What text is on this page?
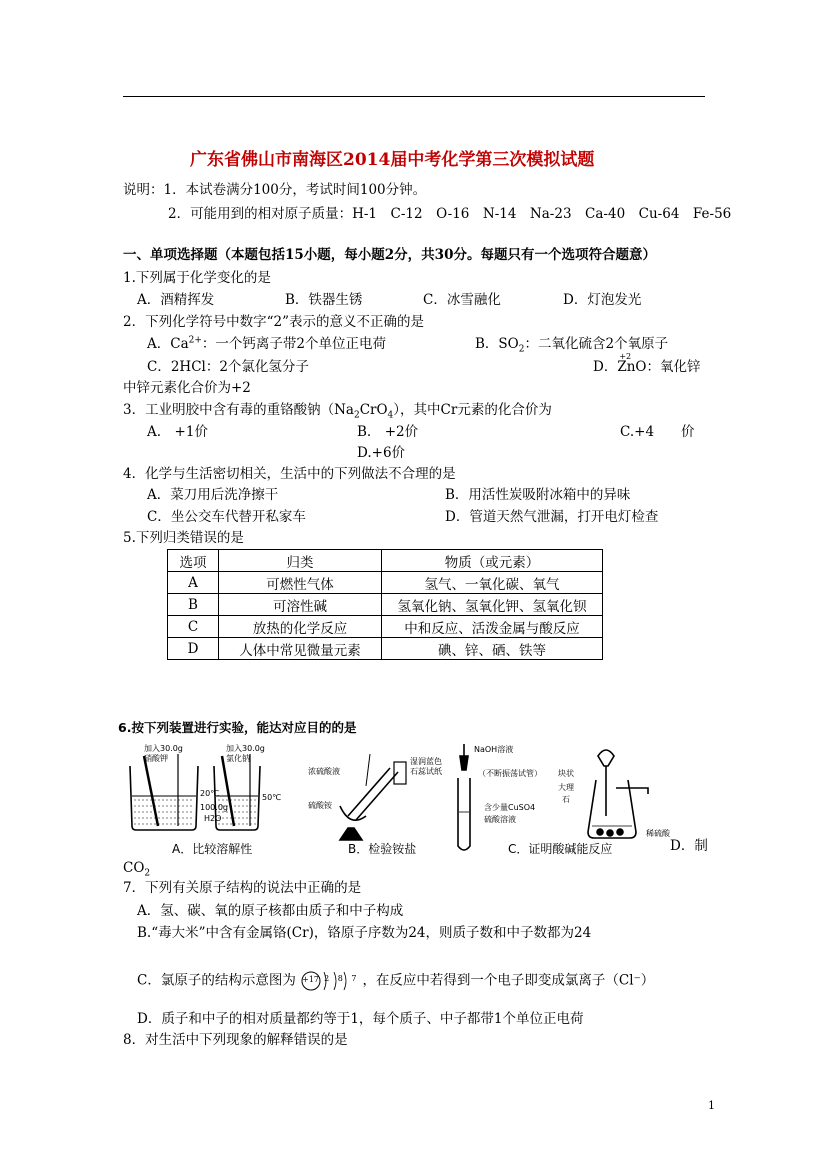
广东省佛山市南海区2014届中考化学第三次模拟试题
说明：1．本试卷满分100分，考试时间100分钟。
2．可能用到的相对原子质量：H-1　C-12　O-16　N-14　Na-23　Ca-40　Cu-64　Fe-56
一、单项选择题（本题包括15小题，每小题2分，共30分。每题只有一个选项符合题意）
1.下列属于化学变化的是
A．酒精挥发	B．铁器生锈	C．冰雪融化	D．灯泡发光
2．下列化学符号中数字“2”表示的意义不正确的是
A．$Ca^{2+}$：一个钙离子带2个单位正电荷	B．$SO_2$：二氧化硫含2个氧原子
C．2HCl：2个氯化氢分子	D．
+2
ZnO：氧化锌
中锌元素化合价为+2
3．工业明胶中含有毒的重铬酸钠$(Na_2CrO_4)$，其中Cr元素的化合价为
A.　+1价	B.　+2价	C.+4　　价
D.+6价
4．化学与生活密切相关，生活中的下列做法不合理的是
A．菜刀用后洗净擦干	B．用活性炭吸附冰箱中的异味
C．坐公交车代替开私家车	D．管道天然气泄漏，打开电灯检查
5.下列归类错误的是
选项	归类	物质（或元素）
A	可燃性气体	氢气、一氧化碳、氧气
B	可溶性碱	氢氧化钠、氢氧化钾、氢氧化钡
C	放热的化学反应	中和反应、活泼金属与酸反应
D	人体中常见微量元素	碘、锌、硒、铁等
6.按下列装置进行实验，能达对应目的的是
加入30.0g
硝酸钾
20℃
100.0g
H2O
加入30.0g
氯化钠
50℃
浓硫酸液
湿润蓝色
石蕊试纸
硫酸铵
NaOH溶液
（不断振荡试管）
含少量CuSO4
硫酸溶液
块状
大理
石
稀硫酸
A．比较溶解性	B．检验铵盐	C．证明酸碱能反应	D．制
$CO_2$
7．下列有关原子结构的说法中正确的是
A．氢、碳、氧的原子核都由质子和中子构成
B.“毒大米”中含有金属铬(Cr)，铬原子序数为24，则质子数和中子数都为24
C．氯原子的结构示意图为 +17 2 8 7 ，在反应中若得到一个电子即变成氯离子（Cl⁻）
D．质子和中子的相对质量都约等于1，每个质子、中子都带1个单位正电荷
8．对生活中下列现象的解释错误的是
1
